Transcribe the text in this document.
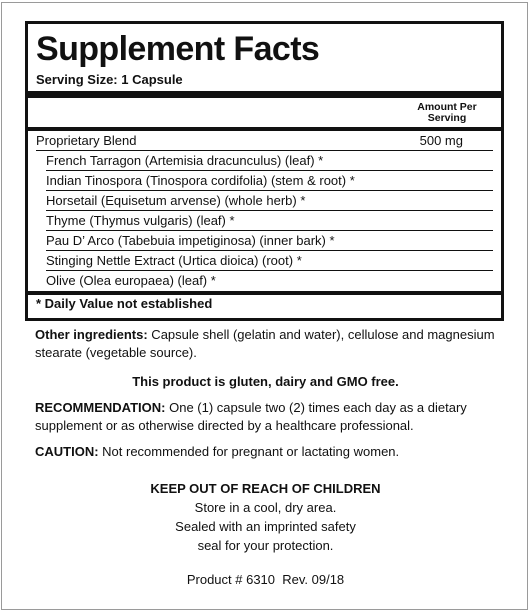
Supplement Facts
Serving Size: 1 Capsule
Amount Per Serving
Proprietary Blend	500 mg
French Tarragon (Artemisia dracunculus) (leaf) *
Indian Tinospora (Tinospora cordifolia) (stem & root) *
Horsetail (Equisetum arvense) (whole herb) *
Thyme (Thymus vulgaris) (leaf) *
Pau D’ Arco (Tabebuia impetiginosa) (inner bark) *
Stinging Nettle Extract (Urtica dioica) (root) *
Olive (Olea europaea) (leaf) *
* Daily Value not established
Other ingredients: Capsule shell (gelatin and water), cellulose and magnesium stearate (vegetable source).
This product is gluten, dairy and GMO free.
RECOMMENDATION: One (1) capsule two (2) times each day as a dietary supplement or as otherwise directed by a healthcare professional.
CAUTION: Not recommended for pregnant or lactating women.
KEEP OUT OF REACH OF CHILDREN
Store in a cool, dry area.
Sealed with an imprinted safety
seal for your protection.
Product # 6310  Rev. 09/18
